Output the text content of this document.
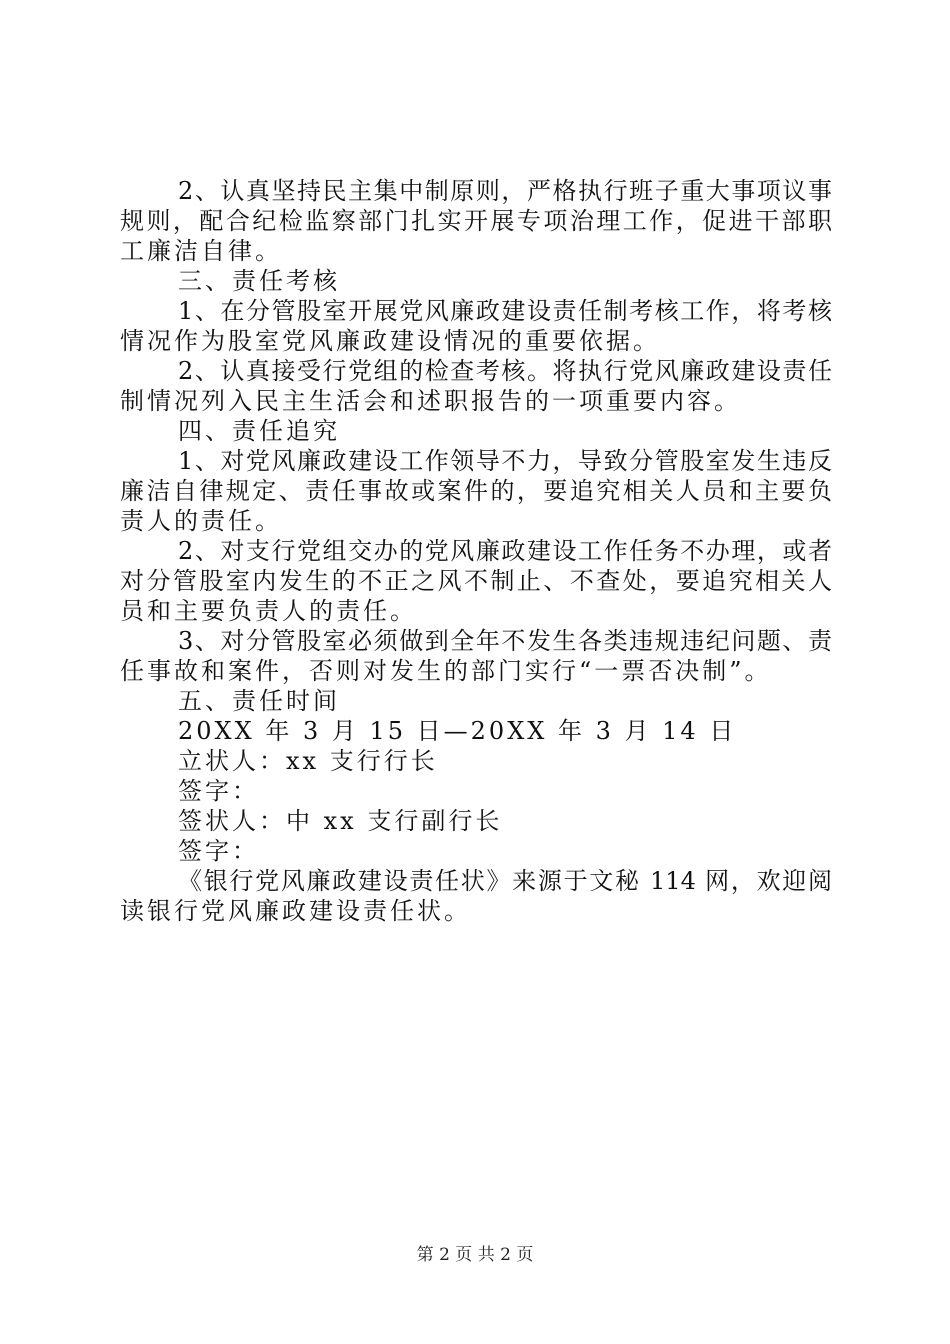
2、认真坚持民主集中制原则，严格执行班子重大事项议事
规则，配合纪检监察部门扎实开展专项治理工作，促进干部职
工廉洁自律。
三、责任考核
1、在分管股室开展党风廉政建设责任制考核工作，将考核
情况作为股室党风廉政建设情况的重要依据。
2、认真接受行党组的检查考核。将执行党风廉政建设责任
制情况列入民主生活会和述职报告的一项重要内容。
四、责任追究
1、对党风廉政建设工作领导不力，导致分管股室发生违反
廉洁自律规定、责任事故或案件的，要追究相关人员和主要负
责人的责任。
2、对支行党组交办的党风廉政建设工作任务不办理，或者
对分管股室内发生的不正之风不制止、不查处，要追究相关人
员和主要负责人的责任。
3、对分管股室必须做到全年不发生各类违规违纪问题、责
任事故和案件，否则对发生的部门实行“一票否决制”。
五、责任时间
20XX 年 3 月 15 日—20XX 年 3 月 14 日
立状人：xx 支行行长
签字：
签状人：中 xx 支行副行长
签字：
《银行党风廉政建设责任状》来源于文秘 114 网，欢迎阅
读银行党风廉政建设责任状。
第 2 页 共 2 页
